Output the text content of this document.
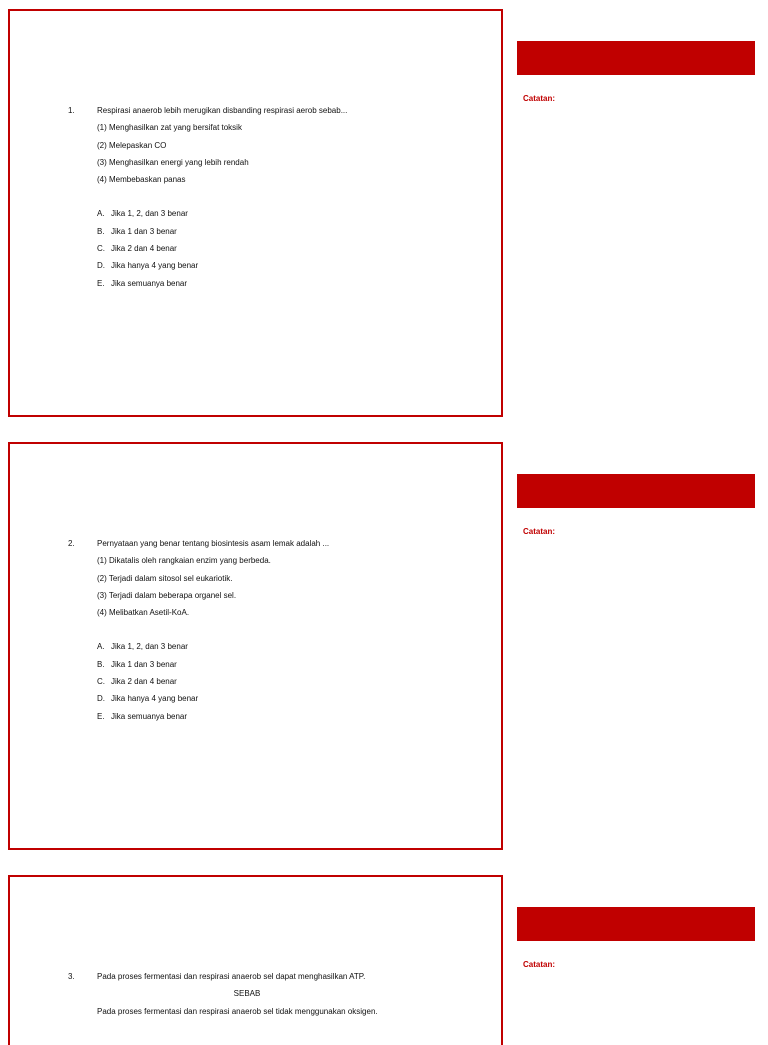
1.	Respirasi anaerob lebih merugikan disbanding respirasi aerob sebab...
(1) Menghasilkan zat yang bersifat toksik
(2) Melepaskan CO
(3) Menghasilkan energi yang lebih rendah
(4) Membebaskan panas
A. Jika 1, 2, dan 3 benar
B. Jika 1 dan 3 benar
C. Jika 2 dan 4 benar
D. Jika hanya 4 yang benar
E. Jika semuanya benar
Catatan:
2.	Pernyataan yang benar tentang biosintesis asam lemak adalah ...
(1) Dikatalis oleh rangkaian enzim yang berbeda.
(2) Terjadi dalam sitosol sel eukariotik.
(3) Terjadi dalam beberapa organel sel.
(4) Melibatkan Asetil-KoA.
A. Jika 1, 2, dan 3 benar
B. Jika 1 dan 3 benar
C. Jika 2 dan 4 benar
D. Jika hanya 4 yang benar
E. Jika semuanya benar
Catatan:
3.	Pada proses fermentasi dan respirasi anaerob sel dapat menghasilkan ATP.
SEBAB
Pada proses fermentasi dan respirasi anaerob sel tidak menggunakan oksigen.
Catatan:
